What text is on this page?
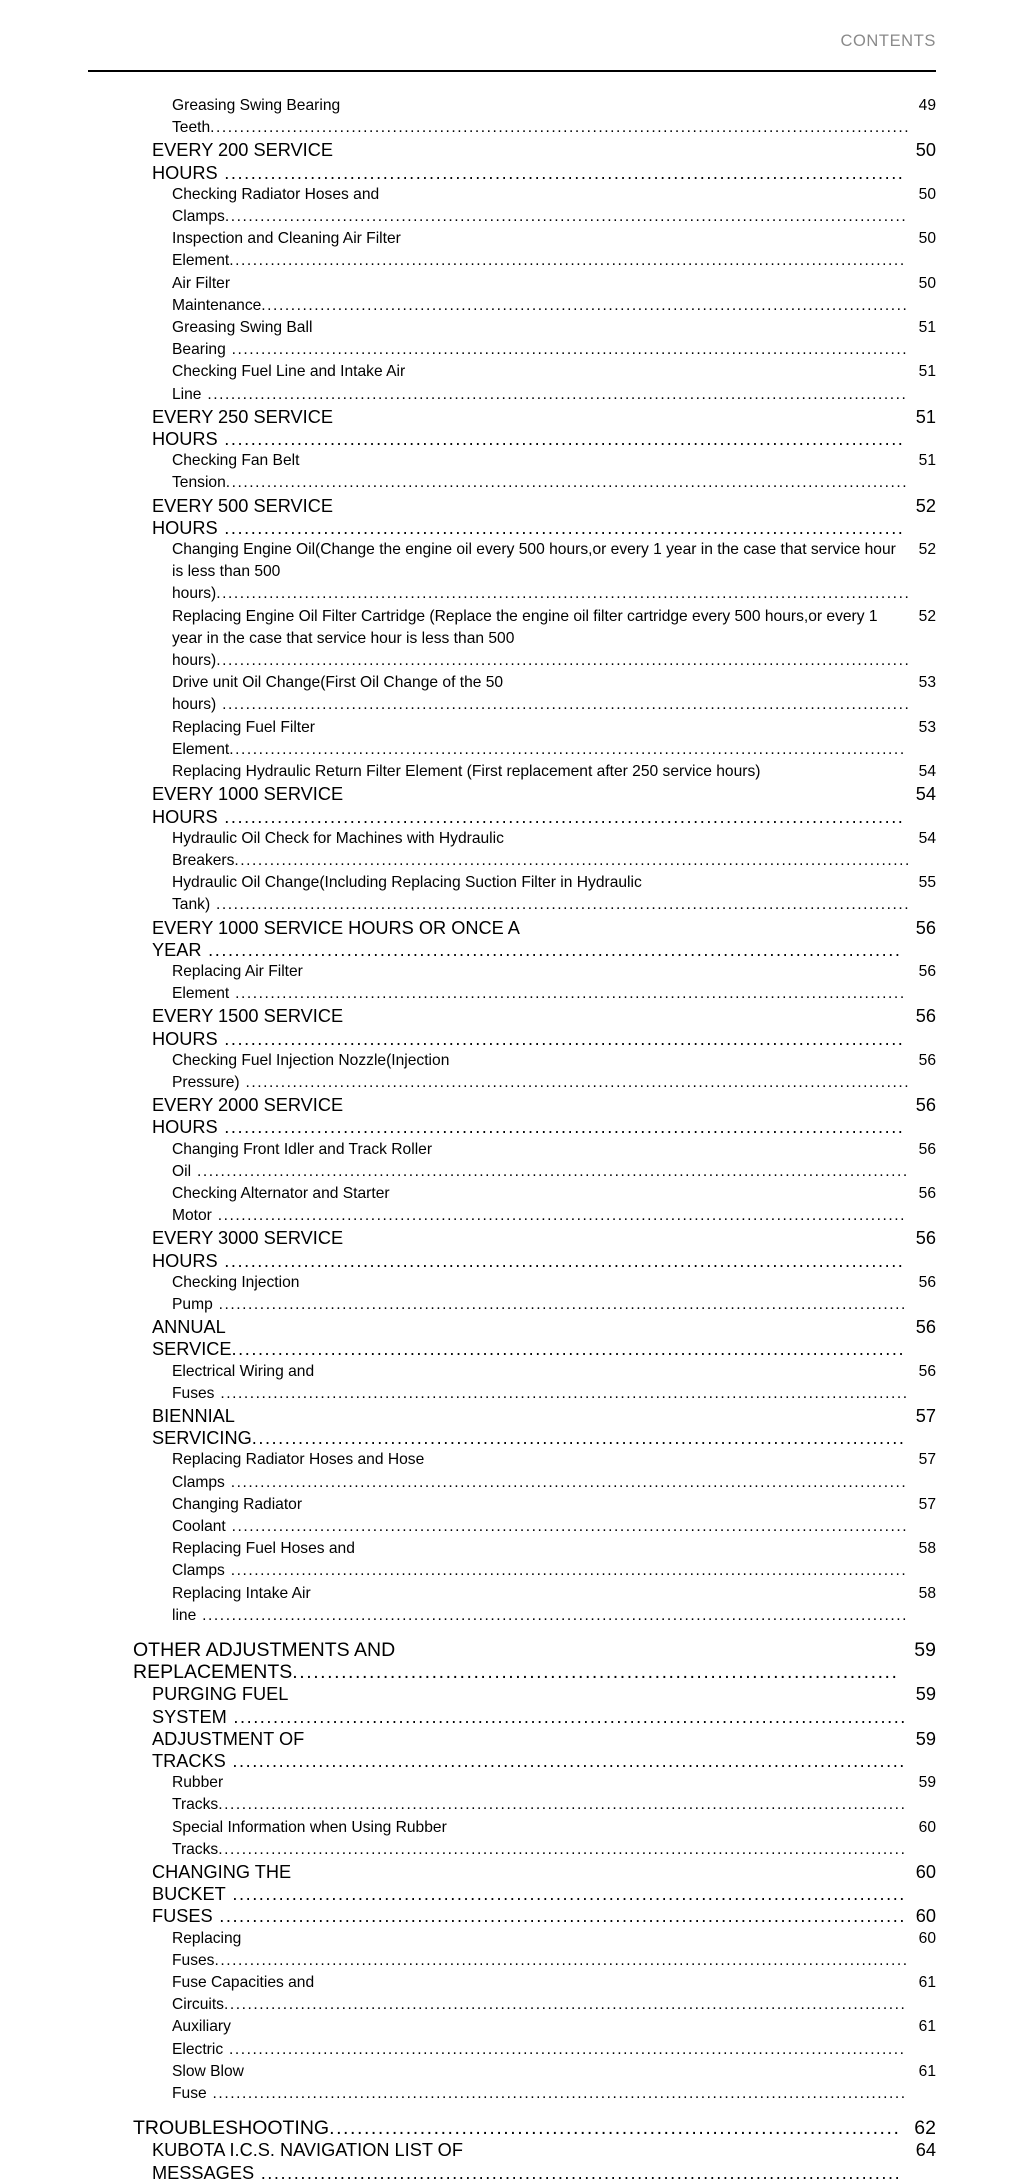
CONTENTS
Greasing Swing Bearing Teeth.......................................................................................................................
49
EVERY 200 SERVICE HOURS .......................................................................................................
50
Checking Radiator Hoses and Clamps....................................................................................................................
50
Inspection and Cleaning Air Filter Element...................................................................................................................
50
Air Filter Maintenance..............................................................................................................
50
Greasing Swing Ball Bearing ...................................................................................................................
51
Checking Fuel Line and Intake Air Line .......................................................................................................................
51
EVERY 250 SERVICE HOURS .......................................................................................................
51
Checking Fan Belt Tension....................................................................................................................
51
EVERY 500 SERVICE HOURS .......................................................................................................
52
Changing Engine Oil(Change the engine oil every 500 hours,or every 1 year in the case that service hour is less than 500 hours)......................................................................................................................
52
Replacing Engine Oil Filter Cartridge (Replace the engine oil filter cartridge every 500 hours,or every 1 year in the case that service hour is less than 500 hours)......................................................................................................................
52
Drive unit Oil Change(First Oil Change of the 50 hours) .....................................................................................................................
53
Replacing Fuel Filter Element...................................................................................................................
53
Replacing Hydraulic Return Filter Element (First replacement after 250 service hours)	54
EVERY 1000 SERVICE HOURS .......................................................................................................
54
Hydraulic Oil Check for Machines with Hydraulic Breakers...................................................................................................................
54
Hydraulic Oil Change(Including Replacing Suction Filter in Hydraulic Tank) ......................................................................................................................
55
EVERY 1000 SERVICE HOURS OR ONCE A YEAR .........................................................................................................
56
Replacing Air Filter Element ..................................................................................................................
56
EVERY 1500 SERVICE HOURS .......................................................................................................
56
Checking Fuel Injection Nozzle(Injection Pressure) .................................................................................................................
56
EVERY 2000 SERVICE HOURS .......................................................................................................
56
Changing Front Idler and Track Roller Oil .........................................................................................................................
56
Checking Alternator and Starter Motor .....................................................................................................................
56
EVERY 3000 SERVICE HOURS .......................................................................................................
56
Checking Injection Pump .....................................................................................................................
56
ANNUAL SERVICE......................................................................................................
56
Electrical Wiring and Fuses .....................................................................................................................
56
BIENNIAL SERVICING...................................................................................................
57
Replacing Radiator Hoses and Hose Clamps ...................................................................................................................
57
Changing Radiator Coolant ...................................................................................................................
57
Replacing Fuel Hoses and Clamps ...................................................................................................................
58
Replacing Intake Air line ........................................................................................................................
58
OTHER ADJUSTMENTS AND REPLACEMENTS.......................................................................................
59
PURGING FUEL SYSTEM ......................................................................................................
59
ADJUSTMENT OF TRACKS ......................................................................................................
59
Rubber Tracks.....................................................................................................................
59
Special Information when Using Rubber Tracks.....................................................................................................................
60
CHANGING THE BUCKET ......................................................................................................
60
FUSES ........................................................................................................ 60
Replacing Fuses......................................................................................................................
60
Fuse Capacities and Circuits....................................................................................................................
61
Auxiliary Electric ...................................................................................................................
61
Slow Blow Fuse ......................................................................................................................
61
TROUBLESHOOTING.................................................................................. 62
KUBOTA I.C.S. NAVIGATION LIST OF MESSAGES .................................................................................................
64
